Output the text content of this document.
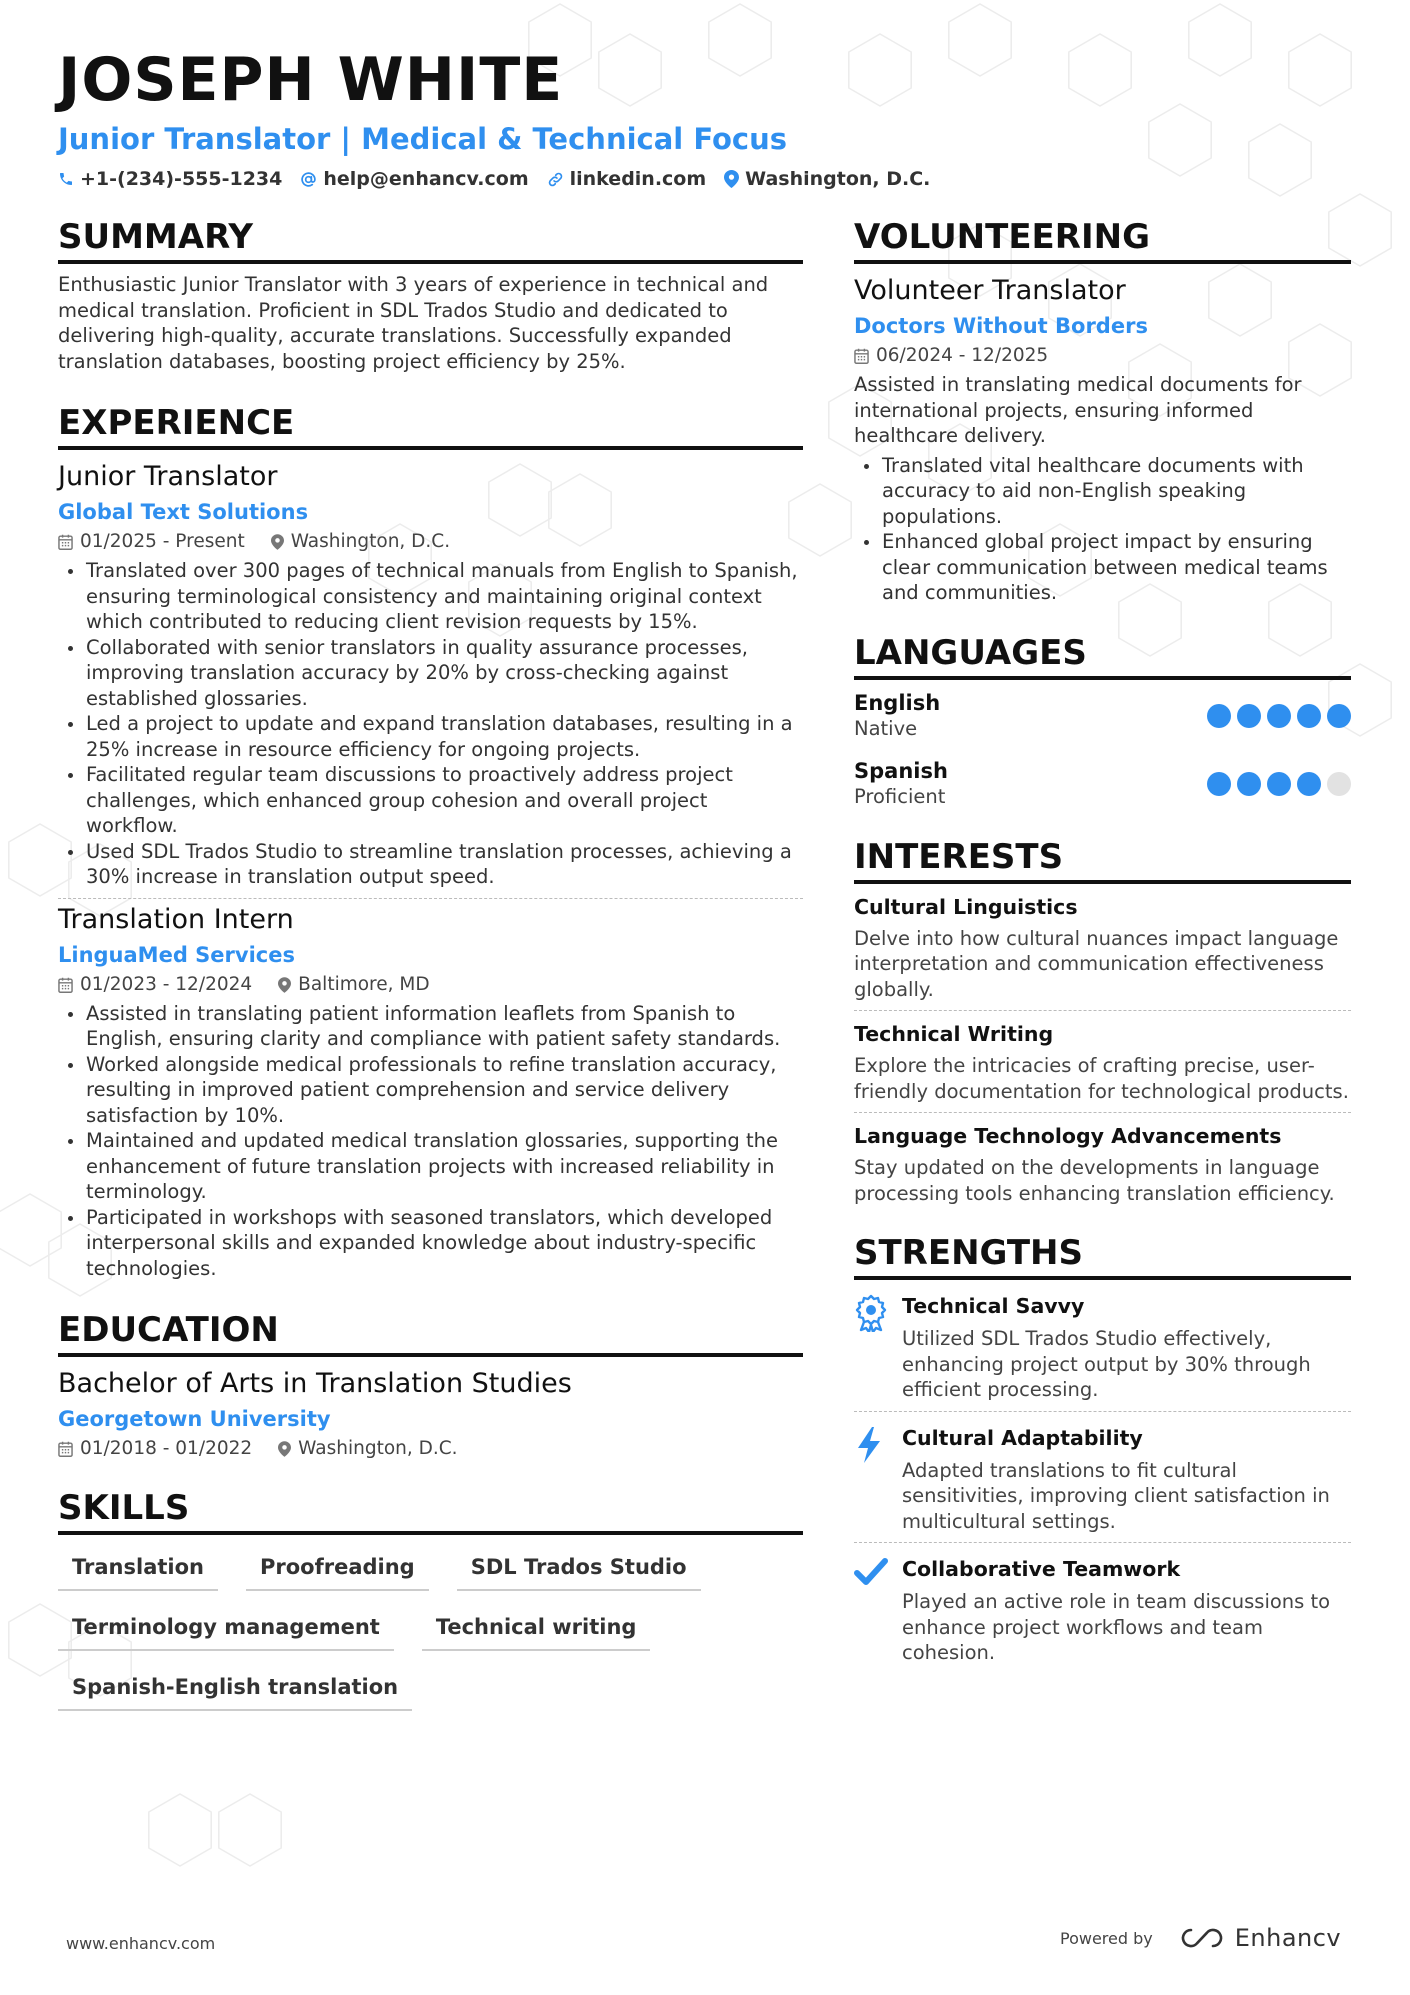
JOSEPH WHITE
Junior Translator | Medical & Technical Focus
+1-(234)-555-1234 help@enhancv.com linkedin.com Washington, D.C.
SUMMARY
Enthusiastic Junior Translator with 3 years of experience in technical and medical translation. Proficient in SDL Trados Studio and dedicated to delivering high-quality, accurate translations. Successfully expanded translation databases, boosting project efficiency by 25%.
EXPERIENCE
Junior Translator
Global Text Solutions
01/2025 - Present Washington, D.C.
Translated over 300 pages of technical manuals from English to Spanish, ensuring terminological consistency and maintaining original context which contributed to reducing client revision requests by 15%.
Collaborated with senior translators in quality assurance processes, improving translation accuracy by 20% by cross-checking against established glossaries.
Led a project to update and expand translation databases, resulting in a 25% increase in resource efficiency for ongoing projects.
Facilitated regular team discussions to proactively address project challenges, which enhanced group cohesion and overall project workflow.
Used SDL Trados Studio to streamline translation processes, achieving a 30% increase in translation output speed.
Translation Intern
LinguaMed Services
01/2023 - 12/2024 Baltimore, MD
Assisted in translating patient information leaflets from Spanish to English, ensuring clarity and compliance with patient safety standards.
Worked alongside medical professionals to refine translation accuracy, resulting in improved patient comprehension and service delivery satisfaction by 10%.
Maintained and updated medical translation glossaries, supporting the enhancement of future translation projects with increased reliability in terminology.
Participated in workshops with seasoned translators, which developed interpersonal skills and expanded knowledge about industry-specific technologies.
EDUCATION
Bachelor of Arts in Translation Studies
Georgetown University
01/2018 - 01/2022 Washington, D.C.
SKILLS
Translation	Proofreading	SDL Trados Studio
Terminology management	Technical writing
Spanish-English translation
VOLUNTEERING
Volunteer Translator
Doctors Without Borders
06/2024 - 12/2025
Assisted in translating medical documents for international projects, ensuring informed healthcare delivery.
Translated vital healthcare documents with accuracy to aid non-English speaking populations.
Enhanced global project impact by ensuring clear communication between medical teams and communities.
LANGUAGES
English
Native
Spanish
Proficient
INTERESTS
Cultural Linguistics
Delve into how cultural nuances impact language interpretation and communication effectiveness globally.
Technical Writing
Explore the intricacies of crafting precise, user-friendly documentation for technological products.
Language Technology Advancements
Stay updated on the developments in language processing tools enhancing translation efficiency.
STRENGTHS
Technical Savvy
Utilized SDL Trados Studio effectively, enhancing project output by 30% through efficient processing.
Cultural Adaptability
Adapted translations to fit cultural sensitivities, improving client satisfaction in multicultural settings.
Collaborative Teamwork
Played an active role in team discussions to enhance project workflows and team cohesion.
www.enhancv.com	Powered by	Enhancv
